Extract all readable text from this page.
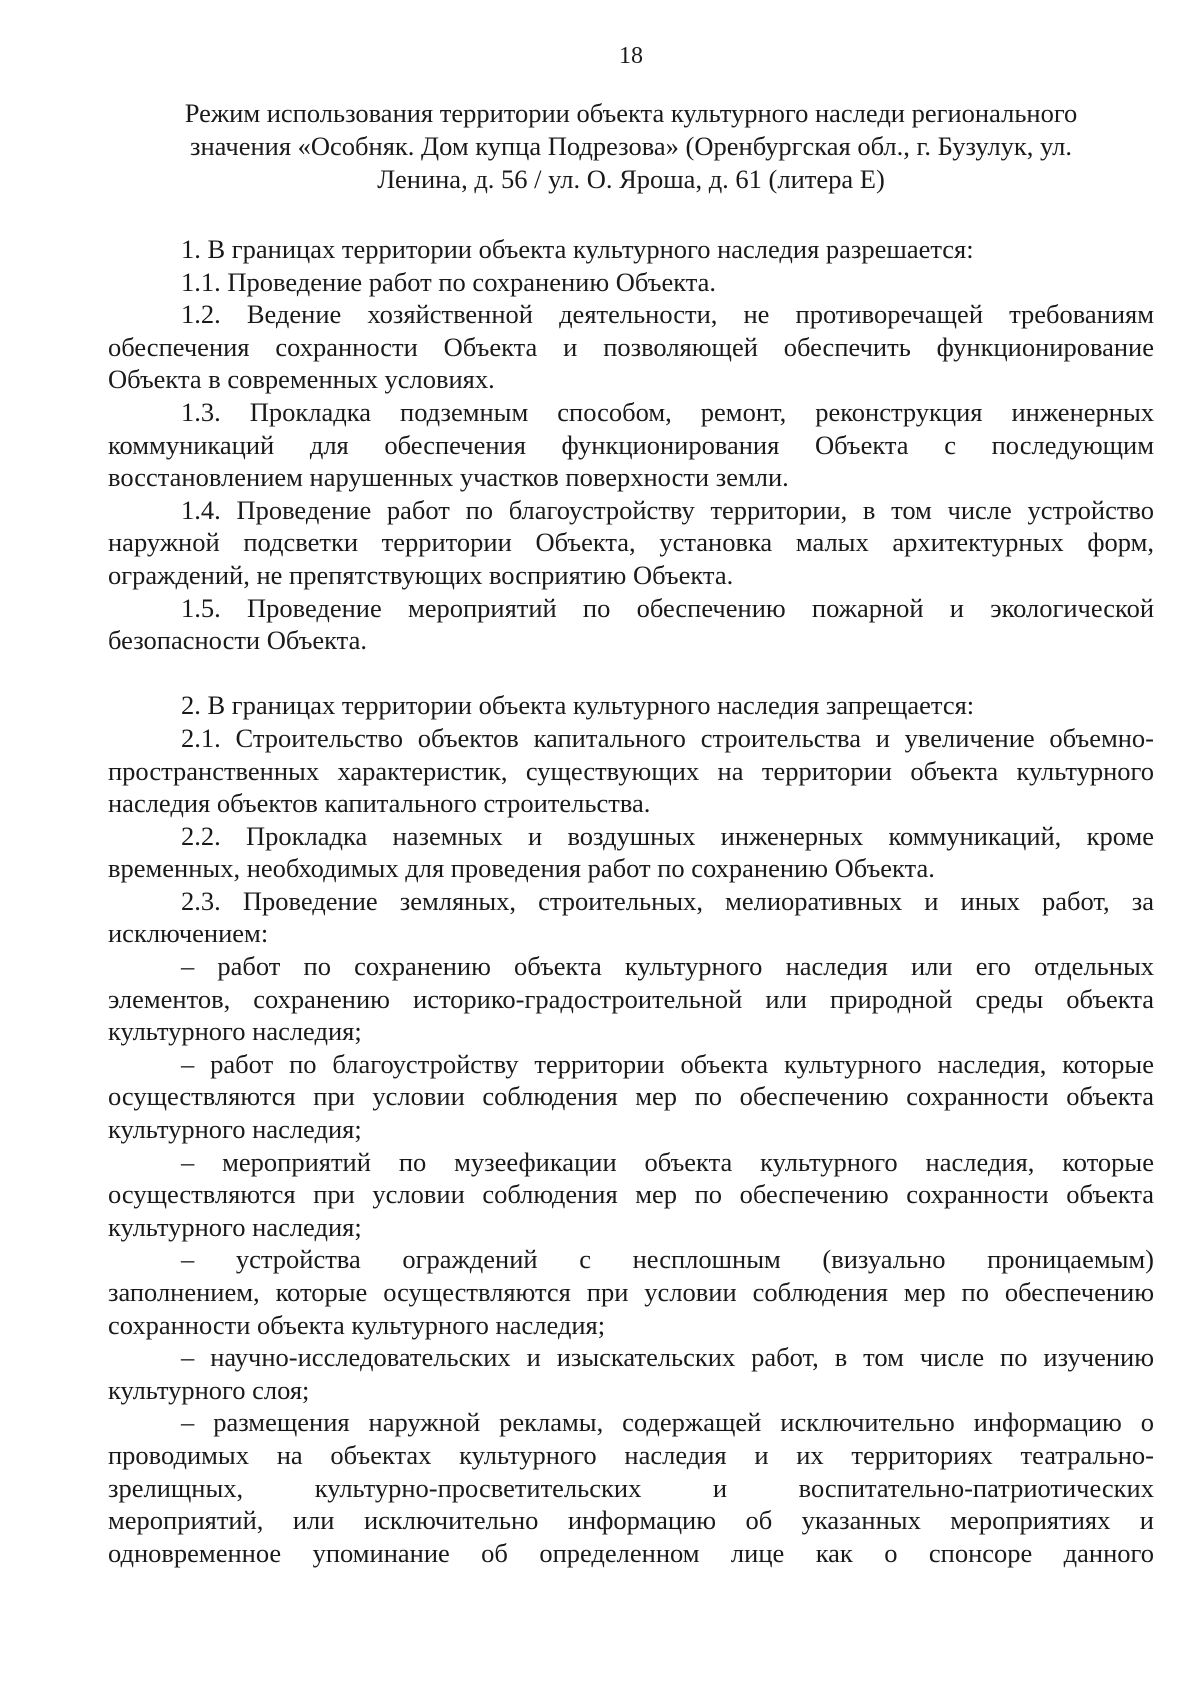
18

Режим использования территории объекта культурного наследи регионального
значения «Особняк. Дом купца Подрезова» (Оренбургская обл., г. Бузулук, ул.
Ленина, д. 56 / ул. О. Яроша, д. 61 (литера Е)
1. В границах территории объекта культурного наследия разрешается:
1.1. Проведение работ по сохранению Объекта.
1.2. Ведение хозяйственной деятельности, не противоречащей требованиям
обеспечения сохранности Объекта и позволяющей обеспечить функционирование
Объекта в современных условиях.
1.3. Прокладка подземным способом, ремонт, реконструкция инженерных
коммуникаций для обеспечения функционирования Объекта с последующим
восстановлением нарушенных участков поверхности земли.
1.4. Проведение работ по благоустройству территории, в том числе устройство
наружной подсветки территории Объекта, установка малых архитектурных форм,
ограждений, не препятствующих восприятию Объекта.
1.5. Проведение мероприятий по обеспечению пожарной и экологической
безопасности Объекта.
2. В границах территории объекта культурного наследия запрещается:
2.1. Строительство объектов капитального строительства и увеличение объемно-
пространственных характеристик, существующих на территории объекта культурного
наследия объектов капитального строительства.
2.2. Прокладка наземных и воздушных инженерных коммуникаций, кроме
временных, необходимых для проведения работ по сохранению Объекта.
2.3. Проведение земляных, строительных, мелиоративных и иных работ, за
исключением:
– работ по сохранению объекта культурного наследия или его отдельных
элементов, сохранению историко-градостроительной или природной среды объекта
культурного наследия;
– работ по благоустройству территории объекта культурного наследия, которые
осуществляются при условии соблюдения мер по обеспечению сохранности объекта
культурного наследия;
– мероприятий по музеефикации объекта культурного наследия, которые
осуществляются при условии соблюдения мер по обеспечению сохранности объекта
культурного наследия;
– устройства ограждений с несплошным (визуально проницаемым)
заполнением, которые осуществляются при условии соблюдения мер по обеспечению
сохранности объекта культурного наследия;
– научно-исследовательских и изыскательских работ, в том числе по изучению
культурного слоя;
– размещения наружной рекламы, содержащей исключительно информацию о
проводимых на объектах культурного наследия и их территориях театрально-
зрелищных, культурно-просветительских и воспитательно-патриотических
мероприятий, или исключительно информацию об указанных мероприятиях и
одновременное упоминание об определенном лице как о спонсоре данного
